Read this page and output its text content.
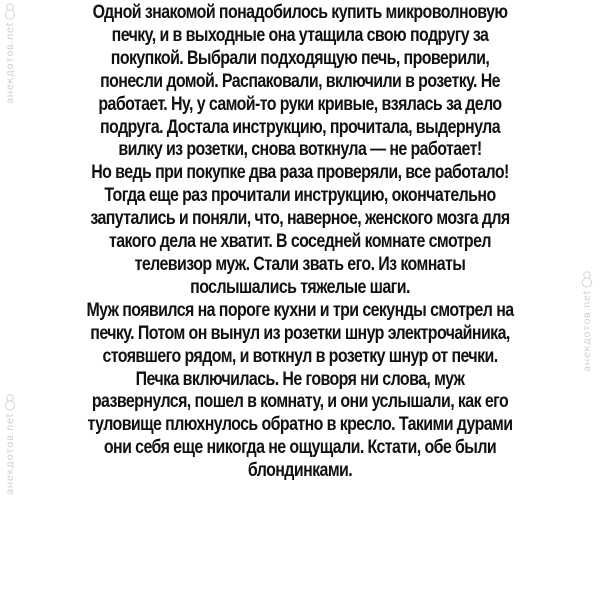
анекдотов.net
анекдотов.net
анекдотов.net
Одной знакомой понадобилось купить микроволновую
печку, и в выходные она утащила свою подругу за
покупкой. Выбрали подходящую печь, проверили,
понесли домой. Распаковали, включили в розетку. Не
работает. Ну, у самой-то руки кривые, взялась за дело
подруга. Достала инструкцию, прочитала, выдернула
вилку из розетки, снова воткнула — не работает!
Но ведь при покупке два раза проверяли, все работало!
Тогда еще раз прочитали инструкцию, окончательно
запутались и поняли, что, наверное, женского мозга для
такого дела не хватит. В соседней комнате смотрел
телевизор муж. Стали звать его. Из комнаты
послышались тяжелые шаги.
Муж появился на пороге кухни и три секунды смотрел на
печку. Потом он вынул из розетки шнур электрочайника,
стоявшего рядом, и воткнул в розетку шнур от печки.
Печка включилась. Не говоря ни слова, муж
развернулся, пошел в комнату, и они услышали, как его
туловище плюхнулось обратно в кресло. Такими дурами
они себя еще никогда не ощущали. Кстати, обе были
блондинками.
